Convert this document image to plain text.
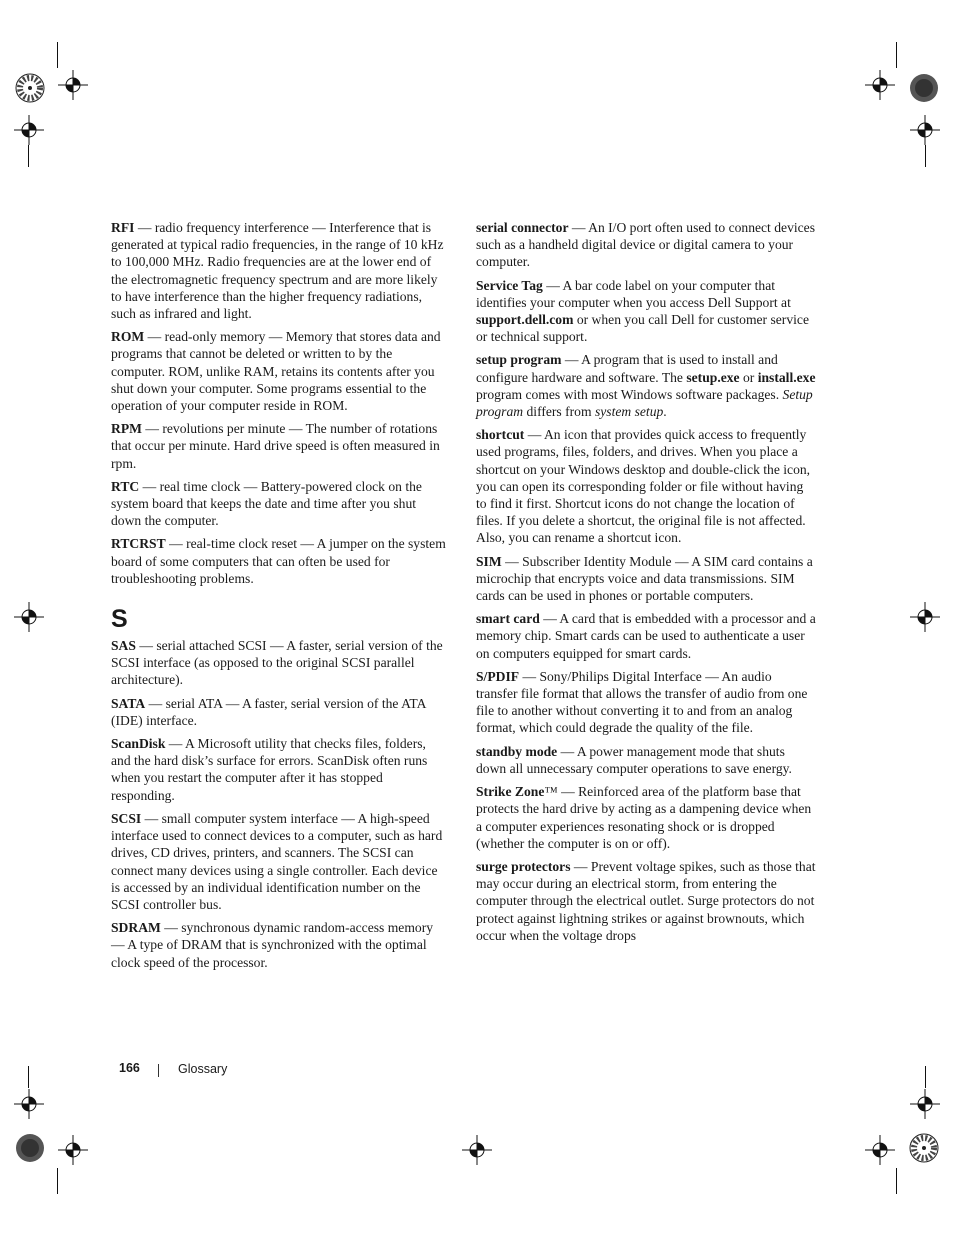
RFI — radio frequency interference — Interference that is generated at typical radio frequencies, in the range of 10 kHz to 100,000 MHz. Radio frequencies are at the lower end of the electromagnetic frequency spectrum and are more likely to have interference than the higher frequency radiations, such as infrared and light.

ROM — read-only memory — Memory that stores data and programs that cannot be deleted or written to by the computer. ROM, unlike RAM, retains its contents after you shut down your computer. Some programs essential to the operation of your computer reside in ROM.

RPM — revolutions per minute — The number of rotations that occur per minute. Hard drive speed is often measured in rpm.

RTC — real time clock — Battery-powered clock on the system board that keeps the date and time after you shut down the computer.

RTCRST — real-time clock reset — A jumper on the system board of some computers that can often be used for troubleshooting problems.

S

SAS — serial attached SCSI — A faster, serial version of the SCSI interface (as opposed to the original SCSI parallel architecture).

SATA — serial ATA — A faster, serial version of the ATA (IDE) interface.

ScanDisk — A Microsoft utility that checks files, folders, and the hard disk’s surface for errors. ScanDisk often runs when you restart the computer after it has stopped responding.

SCSI — small computer system interface — A high-speed interface used to connect devices to a computer, such as hard drives, CD drives, printers, and scanners. The SCSI can connect many devices using a single controller. Each device is accessed by an individual identification number on the SCSI controller bus.

SDRAM — synchronous dynamic random-access memory — A type of DRAM that is synchronized with the optimal clock speed of the processor.

serial connector — An I/O port often used to connect devices such as a handheld digital device or digital camera to your computer.

Service Tag — A bar code label on your computer that identifies your computer when you access Dell Support at support.dell.com or when you call Dell for customer service or technical support.

setup program — A program that is used to install and configure hardware and software. The setup.exe or install.exe program comes with most Windows software packages. Setup program differs from system setup.

shortcut — An icon that provides quick access to frequently used programs, files, folders, and drives. When you place a shortcut on your Windows desktop and double-click the icon, you can open its corresponding folder or file without having to find it first. Shortcut icons do not change the location of files. If you delete a shortcut, the original file is not affected. Also, you can rename a shortcut icon.

SIM — Subscriber Identity Module — A SIM card contains a microchip that encrypts voice and data transmissions. SIM cards can be used in phones or portable computers.

smart card — A card that is embedded with a processor and a memory chip. Smart cards can be used to authenticate a user on computers equipped for smart cards.

S/PDIF — Sony/Philips Digital Interface — An audio transfer file format that allows the transfer of audio from one file to another without converting it to and from an analog format, which could degrade the quality of the file.

standby mode — A power management mode that shuts down all unnecessary computer operations to save energy.

Strike Zone™ — Reinforced area of the platform base that protects the hard drive by acting as a dampening device when a computer experiences resonating shock or is dropped (whether the computer is on or off).

surge protectors — Prevent voltage spikes, such as those that may occur during an electrical storm, from entering the computer through the electrical outlet. Surge protectors do not protect against lightning strikes or against brownouts, which occur when the voltage drops

166	Glossary
